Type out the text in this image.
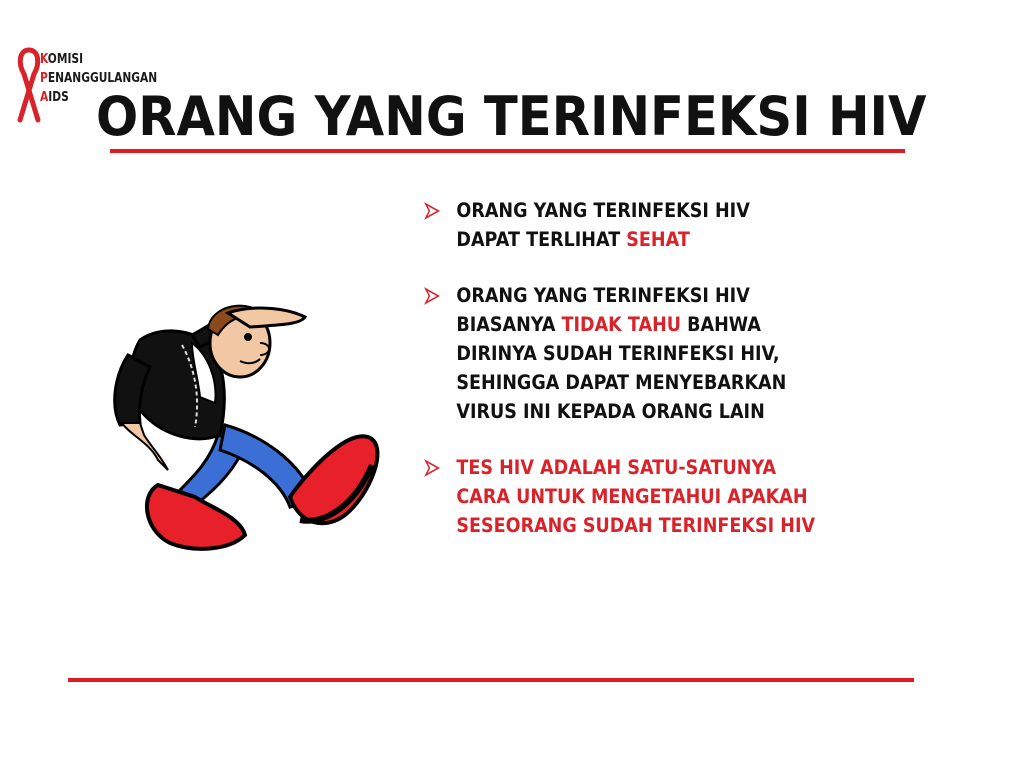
KOMISI
PENANGGULANGAN
AIDS ORANG YANG TERINFEKSI HIV
ORANG YANG TERINFEKSI HIV
DAPAT TERLIHAT SEHAT
ORANG YANG TERINFEKSI HIV
BIASANYA TIDAK TAHU BAHWA
DIRINYA SUDAH TERINFEKSI HIV,
SEHINGGA DAPAT MENYEBARKAN
VIRUS INI KEPADA ORANG LAIN
TES HIV ADALAH SATU-SATUNYA
CARA UNTUK MENGETAHUI APAKAH
SESEORANG SUDAH TERINFEKSI HIV
